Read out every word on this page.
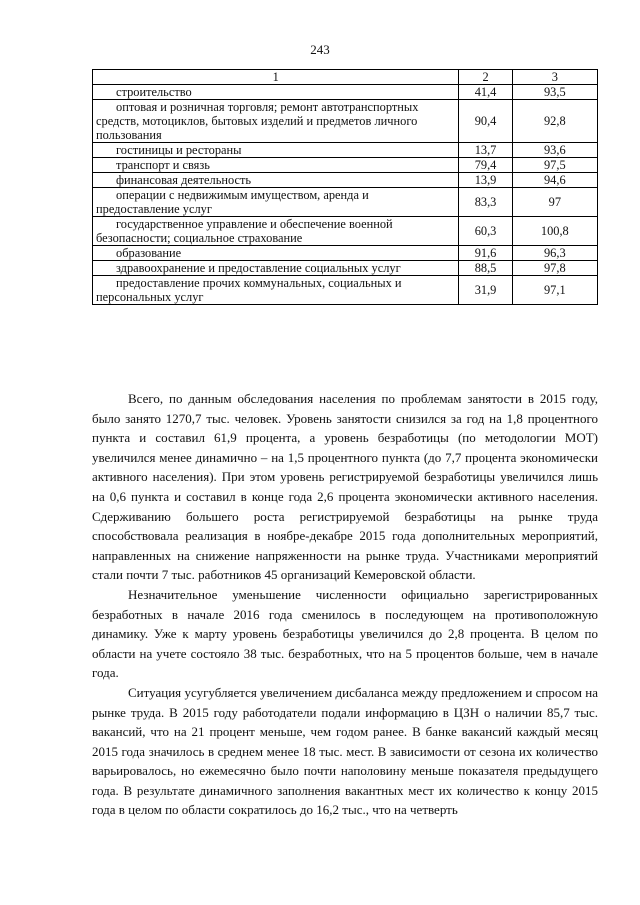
243
1	2	3
строительство	41,4	93,5
оптовая и розничная торговля; ремонт автотранспортных средств, мотоциклов, бытовых изделий и предметов личного пользования	90,4	92,8
гостиницы и рестораны	13,7	93,6
транспорт и связь	79,4	97,5
финансовая деятельность	13,9	94,6
операции с недвижимым имуществом, аренда и предоставление услуг	83,3	97
государственное управление и обеспечение военной безопасности; социальное страхование	60,3	100,8
образование	91,6	96,3
здравоохранение и предоставление социальных услуг	88,5	97,8
предоставление прочих коммунальных, социальных и персональных услуг	31,9	97,1

Всего, по данным обследования населения по проблемам занятости в 2015 году, было занято 1270,7 тыс. человек. Уровень занятости снизился за год на 1,8 процентного пункта и составил 61,9 процента, а уровень безработицы (по методологии МОТ) увеличился менее динамично – на 1,5 процентного пункта (до 7,7 процента экономически активного населения). При этом уровень регистрируемой безработицы увеличился лишь на 0,6 пункта и составил в конце года 2,6 процента экономически активного населения. Сдерживанию большего роста регистрируемой безработицы на рынке труда способствовала реализация в ноябре-декабре 2015 года дополнительных мероприятий, направленных на снижение напряженности на рынке труда. Участниками мероприятий стали почти 7 тыс. работников 45 организаций Кемеровской области.

Незначительное уменьшение численности официально зарегистрированных безработных в начале 2016 года сменилось в последующем на противоположную динамику. Уже к марту уровень безработицы увеличился до 2,8 процента. В целом по области на учете состояло 38 тыс. безработных, что на 5 процентов больше, чем в начале года.

Ситуация усугубляется увеличением дисбаланса между предложением и спросом на рынке труда. В 2015 году работодатели подали информацию в ЦЗН о наличии 85,7 тыс. вакансий, что на 21 процент меньше, чем годом ранее. В банке вакансий каждый месяц 2015 года значилось в среднем менее 18 тыс. мест. В зависимости от сезона их количество варьировалось, но ежемесячно было почти наполовину меньше показателя предыдущего года. В результате динамичного заполнения вакантных мест их количество к концу 2015 года в целом по области сократилось до 16,2 тыс., что на четверть
